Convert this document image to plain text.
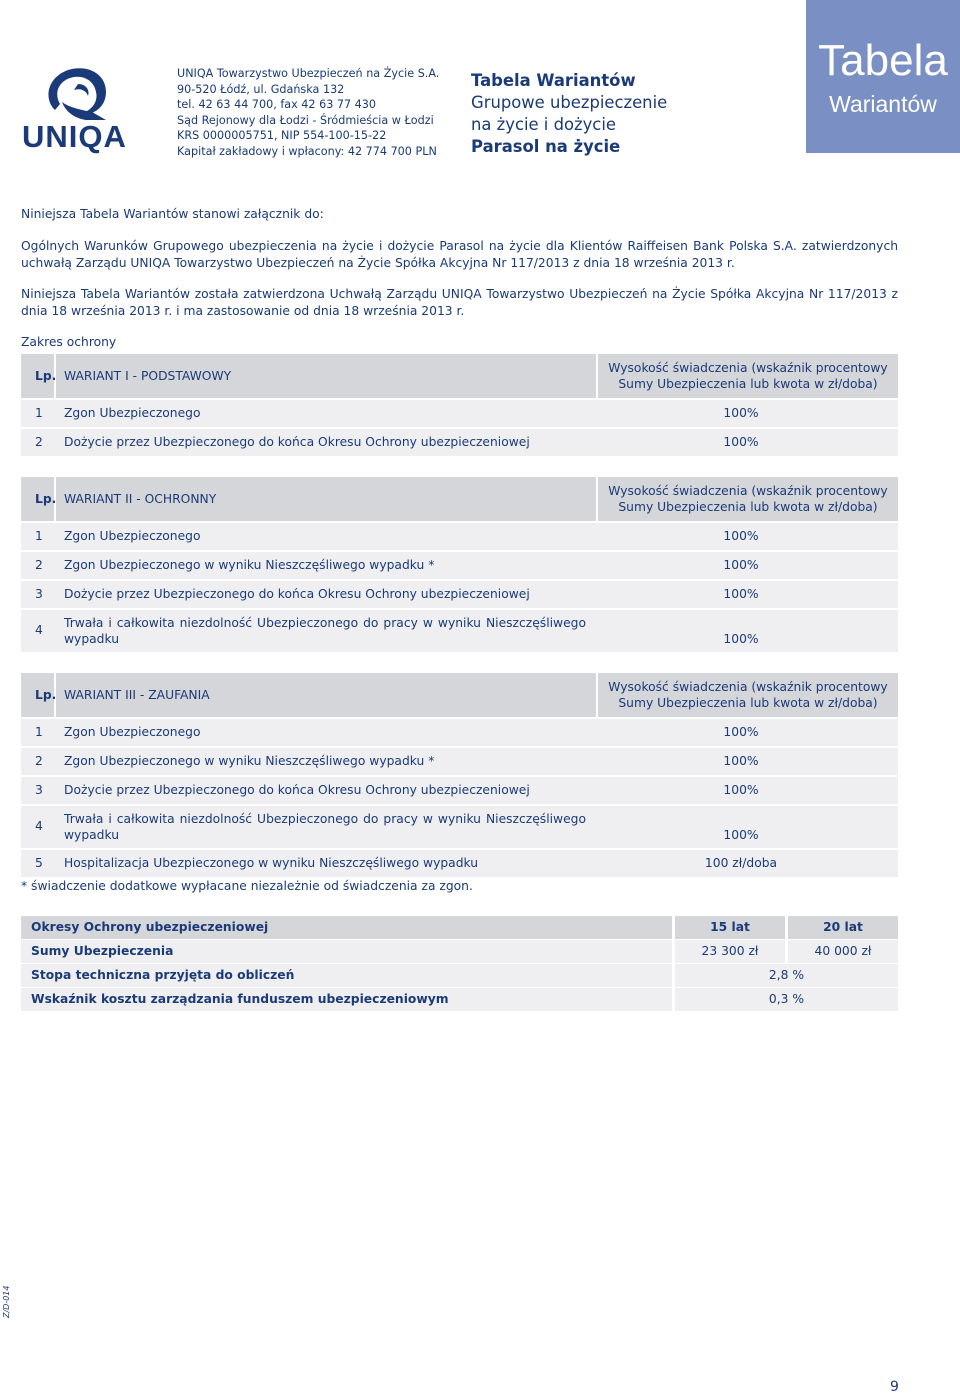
UNIQA
UNIQA Towarzystwo Ubezpieczeń na Życie S.A.
90-520 Łódź, ul. Gdańska 132
tel. 42 63 44 700, fax 42 63 77 430
Sąd Rejonowy dla Łodzi - Śródmieścia w Łodzi
KRS 0000005751, NIP 554-100-15-22
Kapitał zakładowy i wpłacony: 42 774 700 PLN
Tabela Wariantów
Grupowe ubezpieczenie
na życie i dożycie
Parasol na życie
Tabela
Wariantów
Niniejsza Tabela Wariantów stanowi załącznik do:
Ogólnych Warunków Grupowego ubezpieczenia na życie i dożycie Parasol na życie dla Klientów Raiffeisen Bank Polska S.A. zatwierdzonych uchwałą Zarządu UNIQA Towarzystwo Ubezpieczeń na Życie Spółka Akcyjna Nr 117/2013 z dnia 18 września 2013 r.
Niniejsza Tabela Wariantów została zatwierdzona Uchwałą Zarządu UNIQA Towarzystwo Ubezpieczeń na Życie Spółka Akcyjna Nr 117/2013 z dnia 18 września 2013 r. i ma zastosowanie od dnia 18 września 2013 r.
Zakres ochrony
Lp. WARIANT I - PODSTAWOWY
Wysokość świadczenia (wskaźnik procentowy Sumy Ubezpieczenia lub kwota w zł/doba)
1 Zgon Ubezpieczonego	100%
2 Dożycie przez Ubezpieczonego do końca Okresu Ochrony ubezpieczeniowej	100%
Lp. WARIANT II - OCHRONNY
Wysokość świadczenia (wskaźnik procentowy Sumy Ubezpieczenia lub kwota w zł/doba)
1 Zgon Ubezpieczonego	100%
2 Zgon Ubezpieczonego w wyniku Nieszczęśliwego wypadku *	100%
3 Dożycie przez Ubezpieczonego do końca Okresu Ochrony ubezpieczeniowej	100%
4 Trwała i całkowita niezdolność Ubezpieczonego do pracy w wyniku Nieszczęśliwego wypadku	100%
Lp. WARIANT III - ZAUFANIA
Wysokość świadczenia (wskaźnik procentowy Sumy Ubezpieczenia lub kwota w zł/doba)
1 Zgon Ubezpieczonego	100%
2 Zgon Ubezpieczonego w wyniku Nieszczęśliwego wypadku *	100%
3 Dożycie przez Ubezpieczonego do końca Okresu Ochrony ubezpieczeniowej	100%
4 Trwała i całkowita niezdolność Ubezpieczonego do pracy w wyniku Nieszczęśliwego wypadku	100%
5 Hospitalizacja Ubezpieczonego w wyniku Nieszczęśliwego wypadku	100 zł/doba
* świadczenie dodatkowe wypłacane niezależnie od świadczenia za zgon.
Okresy Ochrony ubezpieczeniowej	15 lat	20 lat
Sumy Ubezpieczenia	23 300 zł	40 000 zł
Stopa techniczna przyjęta do obliczeń	2,8 %
Wskaźnik kosztu zarządzania funduszem ubezpieczeniowym	0,3 %
Z/D-014
9
